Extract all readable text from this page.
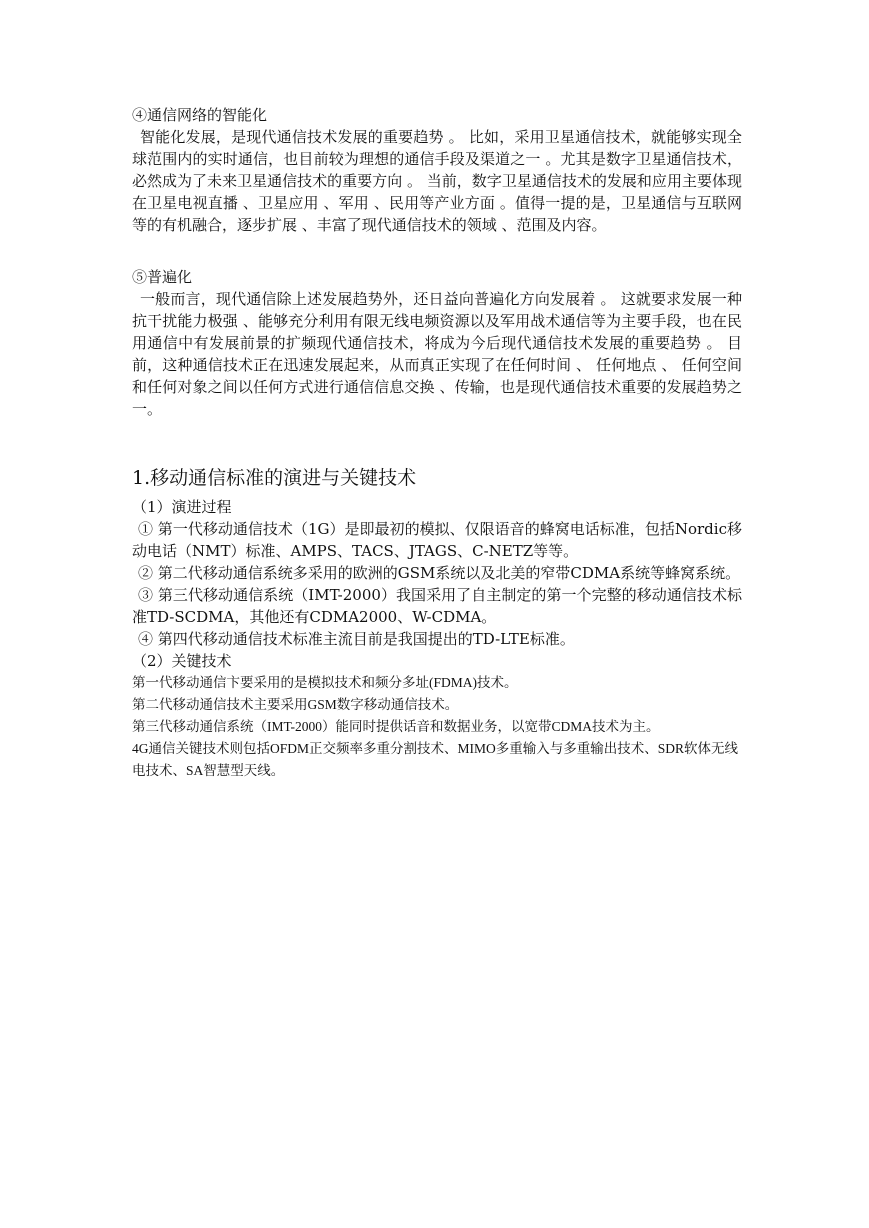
④通信网络的智能化

智能化发展，是现代通信技术发展的重要趋势 。 比如，采用卫星通信技术，就能够实现全球范围内的实时通信，也目前较为理想的通信手段及渠道之一 。尤其是数字卫星通信技术，必然成为了未来卫星通信技术的重要方向 。 当前，数字卫星通信技术的发展和应用主要体现在卫星电视直播 、卫星应用 、军用 、民用等产业方面 。值得一提的是，卫星通信与互联网等的有机融合，逐步扩展 、丰富了现代通信技术的领域 、范围及内容。

⑤普遍化

一般而言，现代通信除上述发展趋势外，还日益向普遍化方向发展着 。 这就要求发展一种抗干扰能力极强 、能够充分利用有限无线电频资源以及军用战术通信等为主要手段，也在民用通信中有发展前景的扩频现代通信技术，将成为今后现代通信技术发展的重要趋势 。 目前，这种通信技术正在迅速发展起来，从而真正实现了在任何时间 、 任何地点 、 任何空间和任何对象之间以任何方式进行通信信息交换 、传输，也是现代通信技术重要的发展趋势之一。

1.移动通信标准的演进与关键技术

（1）演进过程

① 第一代移动通信技术（1G）是即最初的模拟、仅限语音的蜂窝电话标准，包括Nordic移动电话（NMT）标准、AMPS、TACS、JTAGS、C-NETZ等等。

② 第二代移动通信系统多采用的欧洲的GSM系统以及北美的窄带CDMA系统等蜂窝系统。

③ 第三代移动通信系统（IMT-2000）我国采用了自主制定的第一个完整的移动通信技术标准TD-SCDMA，其他还有CDMA2000、W-CDMA。

④ 第四代移动通信技术标准主流目前是我国提出的TD-LTE标准。

（2）关键技术

第一代移动通信卞要采用的是模拟技术和频分多址(FDMA)技术。

第二代移动通信技术主要采用GSM数字移动通信技术。

第三代移动通信系统（IMT-2000）能同时提供话音和数据业务，以宽带CDMA技术为主。

4G通信关键技术则包括OFDM正交频率多重分割技术、MIMO多重输入与多重输出技术、SDR软体无线电技术、SA智慧型天线。
